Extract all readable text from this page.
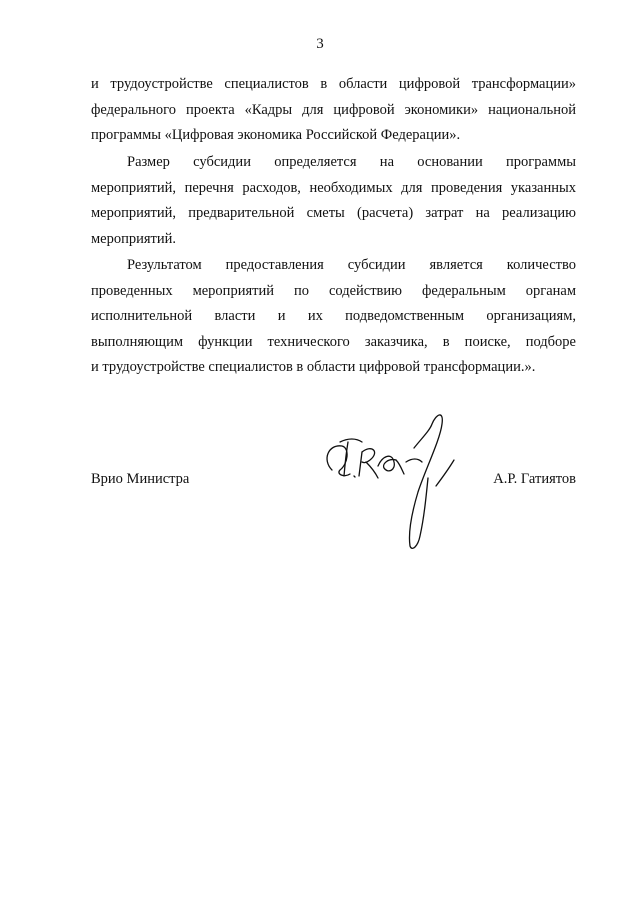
3
и трудоустройстве специалистов в области цифровой трансформации»
федерального проекта «Кадры для цифровой экономики» национальной
программы «Цифровая экономика Российской Федерации».
Размер субсидии определяется на основании программы
мероприятий, перечня расходов, необходимых для проведения указанных
мероприятий, предварительной сметы (расчета) затрат на реализацию
мероприятий.
Результатом предоставления субсидии является количество
проведенных мероприятий по содействию федеральным органам
исполнительной власти и их подведомственным организациям,
выполняющим функции технического заказчика, в поиске, подборе
и трудоустройстве специалистов в области цифровой трансформации.».
Врио Министра	А.Р. Гатиятов
